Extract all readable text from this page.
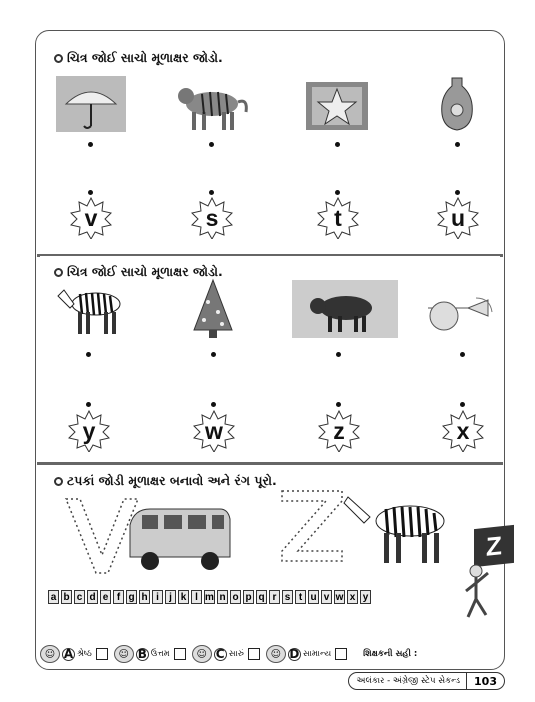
ચિત્ર જોઈ સાચો મૂળાક્ષર જોડો.
v	s	t	u
ચિત્ર જોઈ સાચો મૂળાક્ષર જોડો.
y	w	z	x
ટપકાં જોડી મૂળાક્ષર બનાવો અને રંગ પૂરો.
a b c d e f g h i	j k l m n o p q r s t u v w x y
Z
☺ A શ્રેષ્ઠ	☺ B ઉત્તમ	☺ C સારું	☺ D સામાન્ય	શિક્ષકની સહી :
અલંકાર - અંગ્રેજી સ્ટેપ સેકન્ડ	103
